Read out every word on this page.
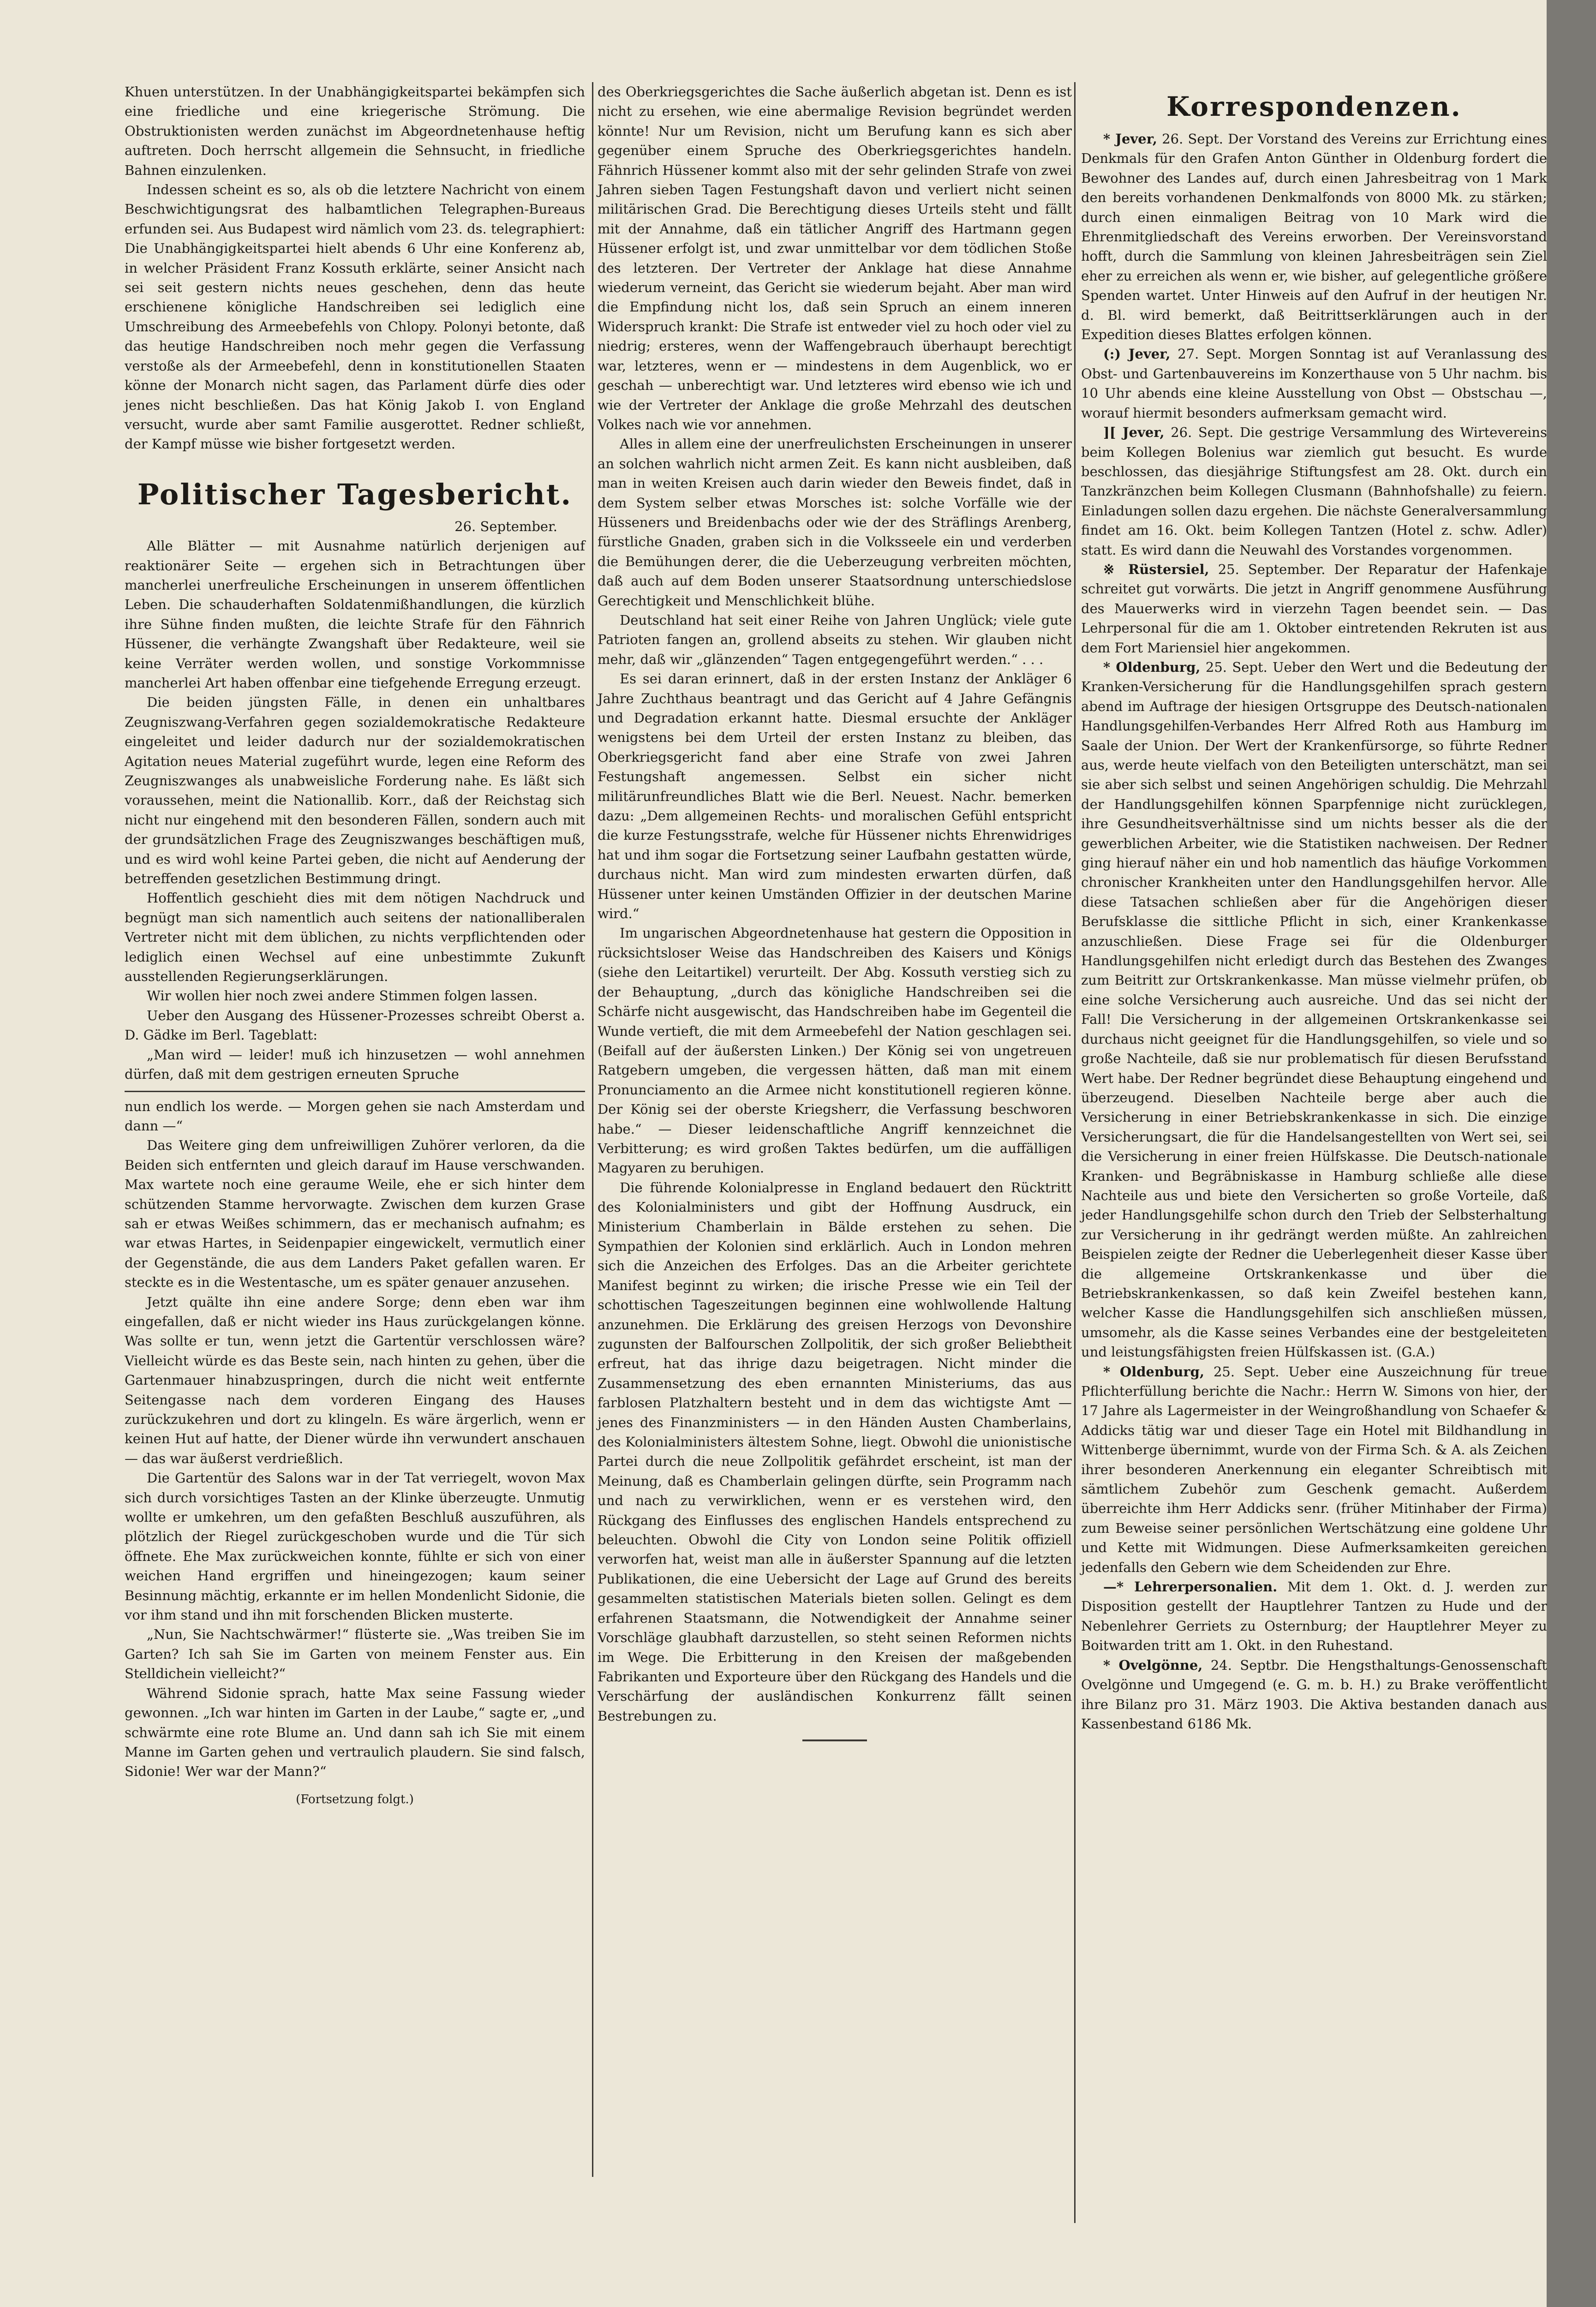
Khuen unterstützen. In der Unabhängigkeitspartei bekämpfen sich eine friedliche und eine kriegerische Strömung. Die Obstruktionisten werden zunächst im Abgeordnetenhause heftig auftreten. Doch herrscht allgemein die Sehnsucht, in friedliche Bahnen einzulenken.

Indessen scheint es so, als ob die letztere Nachricht von einem Beschwichtigungsrat des halbamtlichen Telegraphen-Bureaus erfunden sei. Aus Budapest wird nämlich vom 23. ds. telegraphiert: Die Unabhängigkeitspartei hielt abends 6 Uhr eine Konferenz ab, in welcher Präsident Franz Kossuth erklärte, seiner Ansicht nach sei seit gestern nichts neues geschehen, denn das heute erschienene königliche Handschreiben sei lediglich eine Umschreibung des Armeebefehls von Chlopy. Polonyi betonte, daß das heutige Handschreiben noch mehr gegen die Verfassung verstoße als der Armeebefehl, denn in konstitutionellen Staaten könne der Monarch nicht sagen, das Parlament dürfe dies oder jenes nicht beschließen. Das hat König Jakob I. von England versucht, wurde aber samt Familie ausgerottet. Redner schließt, der Kampf müsse wie bisher fortgesetzt werden.

Politischer Tagesbericht.

26. September.

Alle Blätter — mit Ausnahme natürlich derjenigen auf reaktionärer Seite — ergehen sich in Betrachtungen über mancherlei unerfreuliche Erscheinungen in unserem öffentlichen Leben. Die schauderhaften Soldatenmißhandlungen, die kürzlich ihre Sühne finden mußten, die leichte Strafe für den Fähnrich Hüssener, die verhängte Zwangshaft über Redakteure, weil sie keine Verräter werden wollen, und sonstige Vorkommnisse mancherlei Art haben offenbar eine tiefgehende Erregung erzeugt.

Die beiden jüngsten Fälle, in denen ein unhaltbares Zeugniszwang-Verfahren gegen sozialdemokratische Redakteure eingeleitet und leider dadurch nur der sozialdemokratischen Agitation neues Material zugeführt wurde, legen eine Reform des Zeugniszwanges als unabweisliche Forderung nahe. Es läßt sich voraussehen, meint die Nationallib. Korr., daß der Reichstag sich nicht nur eingehend mit den besonderen Fällen, sondern auch mit der grundsätzlichen Frage des Zeugniszwanges beschäftigen muß, und es wird wohl keine Partei geben, die nicht auf Aenderung der betreffenden gesetzlichen Bestimmung dringt.

Hoffentlich geschieht dies mit dem nötigen Nachdruck und begnügt man sich namentlich auch seitens der nationalliberalen Vertreter nicht mit dem üblichen, zu nichts verpflichtenden oder lediglich einen Wechsel auf eine unbestimmte Zukunft ausstellenden Regierungserklärungen.

Wir wollen hier noch zwei andere Stimmen folgen lassen.

Ueber den Ausgang des Hüssener-Prozesses schreibt Oberst a. D. Gädke im Berl. Tageblatt:

„Man wird — leider! muß ich hinzusetzen — wohl annehmen dürfen, daß mit dem gestrigen erneuten Spruche

nun endlich los werde. — Morgen gehen sie nach Amsterdam und dann —“

Das Weitere ging dem unfreiwilligen Zuhörer verloren, da die Beiden sich entfernten und gleich darauf im Hause verschwanden. Max wartete noch eine geraume Weile, ehe er sich hinter dem schützenden Stamme hervorwagte. Zwischen dem kurzen Grase sah er etwas Weißes schimmern, das er mechanisch aufnahm; es war etwas Hartes, in Seidenpapier eingewickelt, vermutlich einer der Gegenstände, die aus dem Landers Paket gefallen waren. Er steckte es in die Westentasche, um es später genauer anzusehen.

Jetzt quälte ihn eine andere Sorge; denn eben war ihm eingefallen, daß er nicht wieder ins Haus zurückgelangen könne. Was sollte er tun, wenn jetzt die Gartentür verschlossen wäre? Vielleicht würde es das Beste sein, nach hinten zu gehen, über die Gartenmauer hinabzuspringen, durch die nicht weit entfernte Seitengasse nach dem vorderen Eingang des Hauses zurückzukehren und dort zu klingeln. Es wäre ärgerlich, wenn er keinen Hut auf hatte, der Diener würde ihn verwundert anschauen — das war äußerst verdrießlich.

Die Gartentür des Salons war in der Tat verriegelt, wovon Max sich durch vorsichtiges Tasten an der Klinke überzeugte. Unmutig wollte er umkehren, um den gefaßten Beschluß auszuführen, als plötzlich der Riegel zurückgeschoben wurde und die Tür sich öffnete. Ehe Max zurückweichen konnte, fühlte er sich von einer weichen Hand ergriffen und hineingezogen; kaum seiner Besinnung mächtig, erkannte er im hellen Mondenlicht Sidonie, die vor ihm stand und ihn mit forschenden Blicken musterte.

„Nun, Sie Nachtschwärmer!“ flüsterte sie. „Was treiben Sie im Garten? Ich sah Sie im Garten von meinem Fenster aus. Ein Stelldichein vielleicht?“

Während Sidonie sprach, hatte Max seine Fassung wieder gewonnen. „Ich war hinten im Garten in der Laube,“ sagte er, „und schwärmte eine rote Blume an. Und dann sah ich Sie mit einem Manne im Garten gehen und vertraulich plaudern. Sie sind falsch, Sidonie! Wer war der Mann?“

(Fortsetzung folgt.)

des Oberkriegsgerichtes die Sache äußerlich abgetan ist. Denn es ist nicht zu ersehen, wie eine abermalige Revision begründet werden könnte! Nur um Revision, nicht um Berufung kann es sich aber gegenüber einem Spruche des Oberkriegsgerichtes handeln. Fähnrich Hüssener kommt also mit der sehr gelinden Strafe von zwei Jahren sieben Tagen Festungshaft davon und verliert nicht seinen militärischen Grad. Die Berechtigung dieses Urteils steht und fällt mit der Annahme, daß ein tätlicher Angriff des Hartmann gegen Hüssener erfolgt ist, und zwar unmittelbar vor dem tödlichen Stoße des letzteren. Der Vertreter der Anklage hat diese Annahme wiederum verneint, das Gericht sie wiederum bejaht. Aber man wird die Empfindung nicht los, daß sein Spruch an einem inneren Widerspruch krankt: Die Strafe ist entweder viel zu hoch oder viel zu niedrig; ersteres, wenn der Waffengebrauch überhaupt berechtigt war, letzteres, wenn er — mindestens in dem Augenblick, wo er geschah — unberechtigt war. Und letzteres wird ebenso wie ich und wie der Vertreter der Anklage die große Mehrzahl des deutschen Volkes nach wie vor annehmen.

Alles in allem eine der unerfreulichsten Erscheinungen in unserer an solchen wahrlich nicht armen Zeit. Es kann nicht ausbleiben, daß man in weiten Kreisen auch darin wieder den Beweis findet, daß in dem System selber etwas Morsches ist: solche Vorfälle wie der Hüsseners und Breidenbachs oder wie der des Sträflings Arenberg, fürstliche Gnaden, graben sich in die Volksseele ein und verderben die Bemühungen derer, die die Ueberzeugung verbreiten möchten, daß auch auf dem Boden unserer Staatsordnung unterschiedslose Gerechtigkeit und Menschlichkeit blühe.

Deutschland hat seit einer Reihe von Jahren Unglück; viele gute Patrioten fangen an, grollend abseits zu stehen. Wir glauben nicht mehr, daß wir „glänzenden“ Tagen entgegengeführt werden.“ . . .

Es sei daran erinnert, daß in der ersten Instanz der Ankläger 6 Jahre Zuchthaus beantragt und das Gericht auf 4 Jahre Gefängnis und Degradation erkannt hatte. Diesmal ersuchte der Ankläger wenigstens bei dem Urteil der ersten Instanz zu bleiben, das Oberkriegsgericht fand aber eine Strafe von zwei Jahren Festungshaft angemessen. Selbst ein sicher nicht militärunfreundliches Blatt wie die Berl. Neuest. Nachr. bemerken dazu: „Dem allgemeinen Rechts- und moralischen Gefühl entspricht die kurze Festungsstrafe, welche für Hüssener nichts Ehrenwidriges hat und ihm sogar die Fortsetzung seiner Laufbahn gestatten würde, durchaus nicht. Man wird zum mindesten erwarten dürfen, daß Hüssener unter keinen Umständen Offizier in der deutschen Marine wird.“

Im ungarischen Abgeordnetenhause hat gestern die Opposition in rücksichtsloser Weise das Handschreiben des Kaisers und Königs (siehe den Leitartikel) verurteilt. Der Abg. Kossuth verstieg sich zu der Behauptung, „durch das königliche Handschreiben sei die Schärfe nicht ausgewischt, das Handschreiben habe im Gegenteil die Wunde vertieft, die mit dem Armeebefehl der Nation geschlagen sei. (Beifall auf der äußersten Linken.) Der König sei von ungetreuen Ratgebern umgeben, die vergessen hätten, daß man mit einem Pronunciamento an die Armee nicht konstitutionell regieren könne. Der König sei der oberste Kriegsherr, die Verfassung beschworen habe.“ — Dieser leidenschaftliche Angriff kennzeichnet die Verbitterung; es wird großen Taktes bedürfen, um die auffälligen Magyaren zu beruhigen.

Die führende Kolonialpresse in England bedauert den Rücktritt des Kolonialministers und gibt der Hoffnung Ausdruck, ein Ministerium Chamberlain in Bälde erstehen zu sehen. Die Sympathien der Kolonien sind erklärlich. Auch in London mehren sich die Anzeichen des Erfolges. Das an die Arbeiter gerichtete Manifest beginnt zu wirken; die irische Presse wie ein Teil der schottischen Tageszeitungen beginnen eine wohlwollende Haltung anzunehmen. Die Erklärung des greisen Herzogs von Devonshire zugunsten der Balfourschen Zollpolitik, der sich großer Beliebtheit erfreut, hat das ihrige dazu beigetragen. Nicht minder die Zusammensetzung des eben ernannten Ministeriums, das aus farblosen Platzhaltern besteht und in dem das wichtigste Amt — jenes des Finanzministers — in den Händen Austen Chamberlains, des Kolonialministers ältestem Sohne, liegt. Obwohl die unionistische Partei durch die neue Zollpolitik gefährdet erscheint, ist man der Meinung, daß es Chamberlain gelingen dürfte, sein Programm nach und nach zu verwirklichen, wenn er es verstehen wird, den Rückgang des Einflusses des englischen Handels entsprechend zu beleuchten. Obwohl die City von London seine Politik offiziell verworfen hat, weist man alle in äußerster Spannung auf die letzten Publikationen, die eine Uebersicht der Lage auf Grund des bereits gesammelten statistischen Materials bieten sollen. Gelingt es dem erfahrenen Staatsmann, die Notwendigkeit der Annahme seiner Vorschläge glaubhaft darzustellen, so steht seinen Reformen nichts im Wege. Die Erbitterung in den Kreisen der maßgebenden Fabrikanten und Exporteure über den Rückgang des Handels und die Verschärfung der ausländischen Konkurrenz fällt seinen Bestrebungen zu.

Korrespondenzen.

* Jever, 26. Sept. Der Vorstand des Vereins zur Errichtung eines Denkmals für den Grafen Anton Günther in Oldenburg fordert die Bewohner des Landes auf, durch einen Jahresbeitrag von 1 Mark den bereits vorhandenen Denkmalfonds von 8000 Mk. zu stärken; durch einen einmaligen Beitrag von 10 Mark wird die Ehrenmitgliedschaft des Vereins erworben. Der Vereinsvorstand hofft, durch die Sammlung von kleinen Jahresbeiträgen sein Ziel eher zu erreichen als wenn er, wie bisher, auf gelegentliche größere Spenden wartet. Unter Hinweis auf den Aufruf in der heutigen Nr. d. Bl. wird bemerkt, daß Beitrittserklärungen auch in der Expedition dieses Blattes erfolgen können.

(:) Jever, 27. Sept. Morgen Sonntag ist auf Veranlassung des Obst- und Gartenbauvereins im Konzerthause von 5 Uhr nachm. bis 10 Uhr abends eine kleine Ausstellung von Obst — Obstschau —, worauf hiermit besonders aufmerksam gemacht wird.

][ Jever, 26. Sept. Die gestrige Versammlung des Wirtevereins beim Kollegen Bolenius war ziemlich gut besucht. Es wurde beschlossen, das diesjährige Stiftungsfest am 28. Okt. durch ein Tanzkränzchen beim Kollegen Clusmann (Bahnhofshalle) zu feiern. Einladungen sollen dazu ergehen. Die nächste Generalversammlung findet am 16. Okt. beim Kollegen Tantzen (Hotel z. schw. Adler) statt. Es wird dann die Neuwahl des Vorstandes vorgenommen.

※ Rüstersiel, 25. September. Der Reparatur der Hafenkaje schreitet gut vorwärts. Die jetzt in Angriff genommene Ausführung des Mauerwerks wird in vierzehn Tagen beendet sein. — Das Lehrpersonal für die am 1. Oktober eintretenden Rekruten ist aus dem Fort Mariensiel hier angekommen.

* Oldenburg, 25. Sept. Ueber den Wert und die Bedeutung der Kranken-Versicherung für die Handlungsgehilfen sprach gestern abend im Auftrage der hiesigen Ortsgruppe des Deutsch-nationalen Handlungsgehilfen-Verbandes Herr Alfred Roth aus Hamburg im Saale der Union. Der Wert der Krankenfürsorge, so führte Redner aus, werde heute vielfach von den Beteiligten unterschätzt, man sei sie aber sich selbst und seinen Angehörigen schuldig. Die Mehrzahl der Handlungsgehilfen können Sparpfennige nicht zurücklegen, ihre Gesundheitsverhältnisse sind um nichts besser als die der gewerblichen Arbeiter, wie die Statistiken nachweisen. Der Redner ging hierauf näher ein und hob namentlich das häufige Vorkommen chronischer Krankheiten unter den Handlungsgehilfen hervor. Alle diese Tatsachen schließen aber für die Angehörigen dieser Berufsklasse die sittliche Pflicht in sich, einer Krankenkasse anzuschließen. Diese Frage sei für die Oldenburger Handlungsgehilfen nicht erledigt durch das Bestehen des Zwanges zum Beitritt zur Ortskrankenkasse. Man müsse vielmehr prüfen, ob eine solche Versicherung auch ausreiche. Und das sei nicht der Fall! Die Versicherung in der allgemeinen Ortskrankenkasse sei durchaus nicht geeignet für die Handlungsgehilfen, so viele und so große Nachteile, daß sie nur problematisch für diesen Berufsstand Wert habe. Der Redner begründet diese Behauptung eingehend und überzeugend. Dieselben Nachteile berge aber auch die Versicherung in einer Betriebskrankenkasse in sich. Die einzige Versicherungsart, die für die Handelsangestellten von Wert sei, sei die Versicherung in einer freien Hülfskasse. Die Deutsch-nationale Kranken- und Begräbniskasse in Hamburg schließe alle diese Nachteile aus und biete den Versicherten so große Vorteile, daß jeder Handlungsgehilfe schon durch den Trieb der Selbsterhaltung zur Versicherung in ihr gedrängt werden müßte. An zahlreichen Beispielen zeigte der Redner die Ueberlegenheit dieser Kasse über die allgemeine Ortskrankenkasse und über die Betriebskrankenkassen, so daß kein Zweifel bestehen kann, welcher Kasse die Handlungsgehilfen sich anschließen müssen, umsomehr, als die Kasse seines Verbandes eine der bestgeleiteten und leistungsfähigsten freien Hülfskassen ist. (G.A.)

* Oldenburg, 25. Sept. Ueber eine Auszeichnung für treue Pflichterfüllung berichte die Nachr.: Herrn W. Simons von hier, der 17 Jahre als Lagermeister in der Weingroßhandlung von Schaefer & Addicks tätig war und dieser Tage ein Hotel mit Bildhandlung in Wittenberge übernimmt, wurde von der Firma Sch. & A. als Zeichen ihrer besonderen Anerkennung ein eleganter Schreibtisch mit sämtlichem Zubehör zum Geschenk gemacht. Außerdem überreichte ihm Herr Addicks senr. (früher Mitinhaber der Firma) zum Beweise seiner persönlichen Wertschätzung eine goldene Uhr und Kette mit Widmungen. Diese Aufmerksamkeiten gereichen jedenfalls den Gebern wie dem Scheidenden zur Ehre.

—* Lehrerpersonalien. Mit dem 1. Okt. d. J. werden zur Disposition gestellt der Hauptlehrer Tantzen zu Hude und der Nebenlehrer Gerriets zu Osternburg; der Hauptlehrer Meyer zu Boitwarden tritt am 1. Okt. in den Ruhestand.

* Ovelgönne, 24. Septbr. Die Hengsthaltungs-Genossenschaft Ovelgönne und Umgegend (e. G. m. b. H.) zu Brake veröffentlicht ihre Bilanz pro 31. März 1903. Die Aktiva bestanden danach aus Kassenbestand 6186 Mk.
